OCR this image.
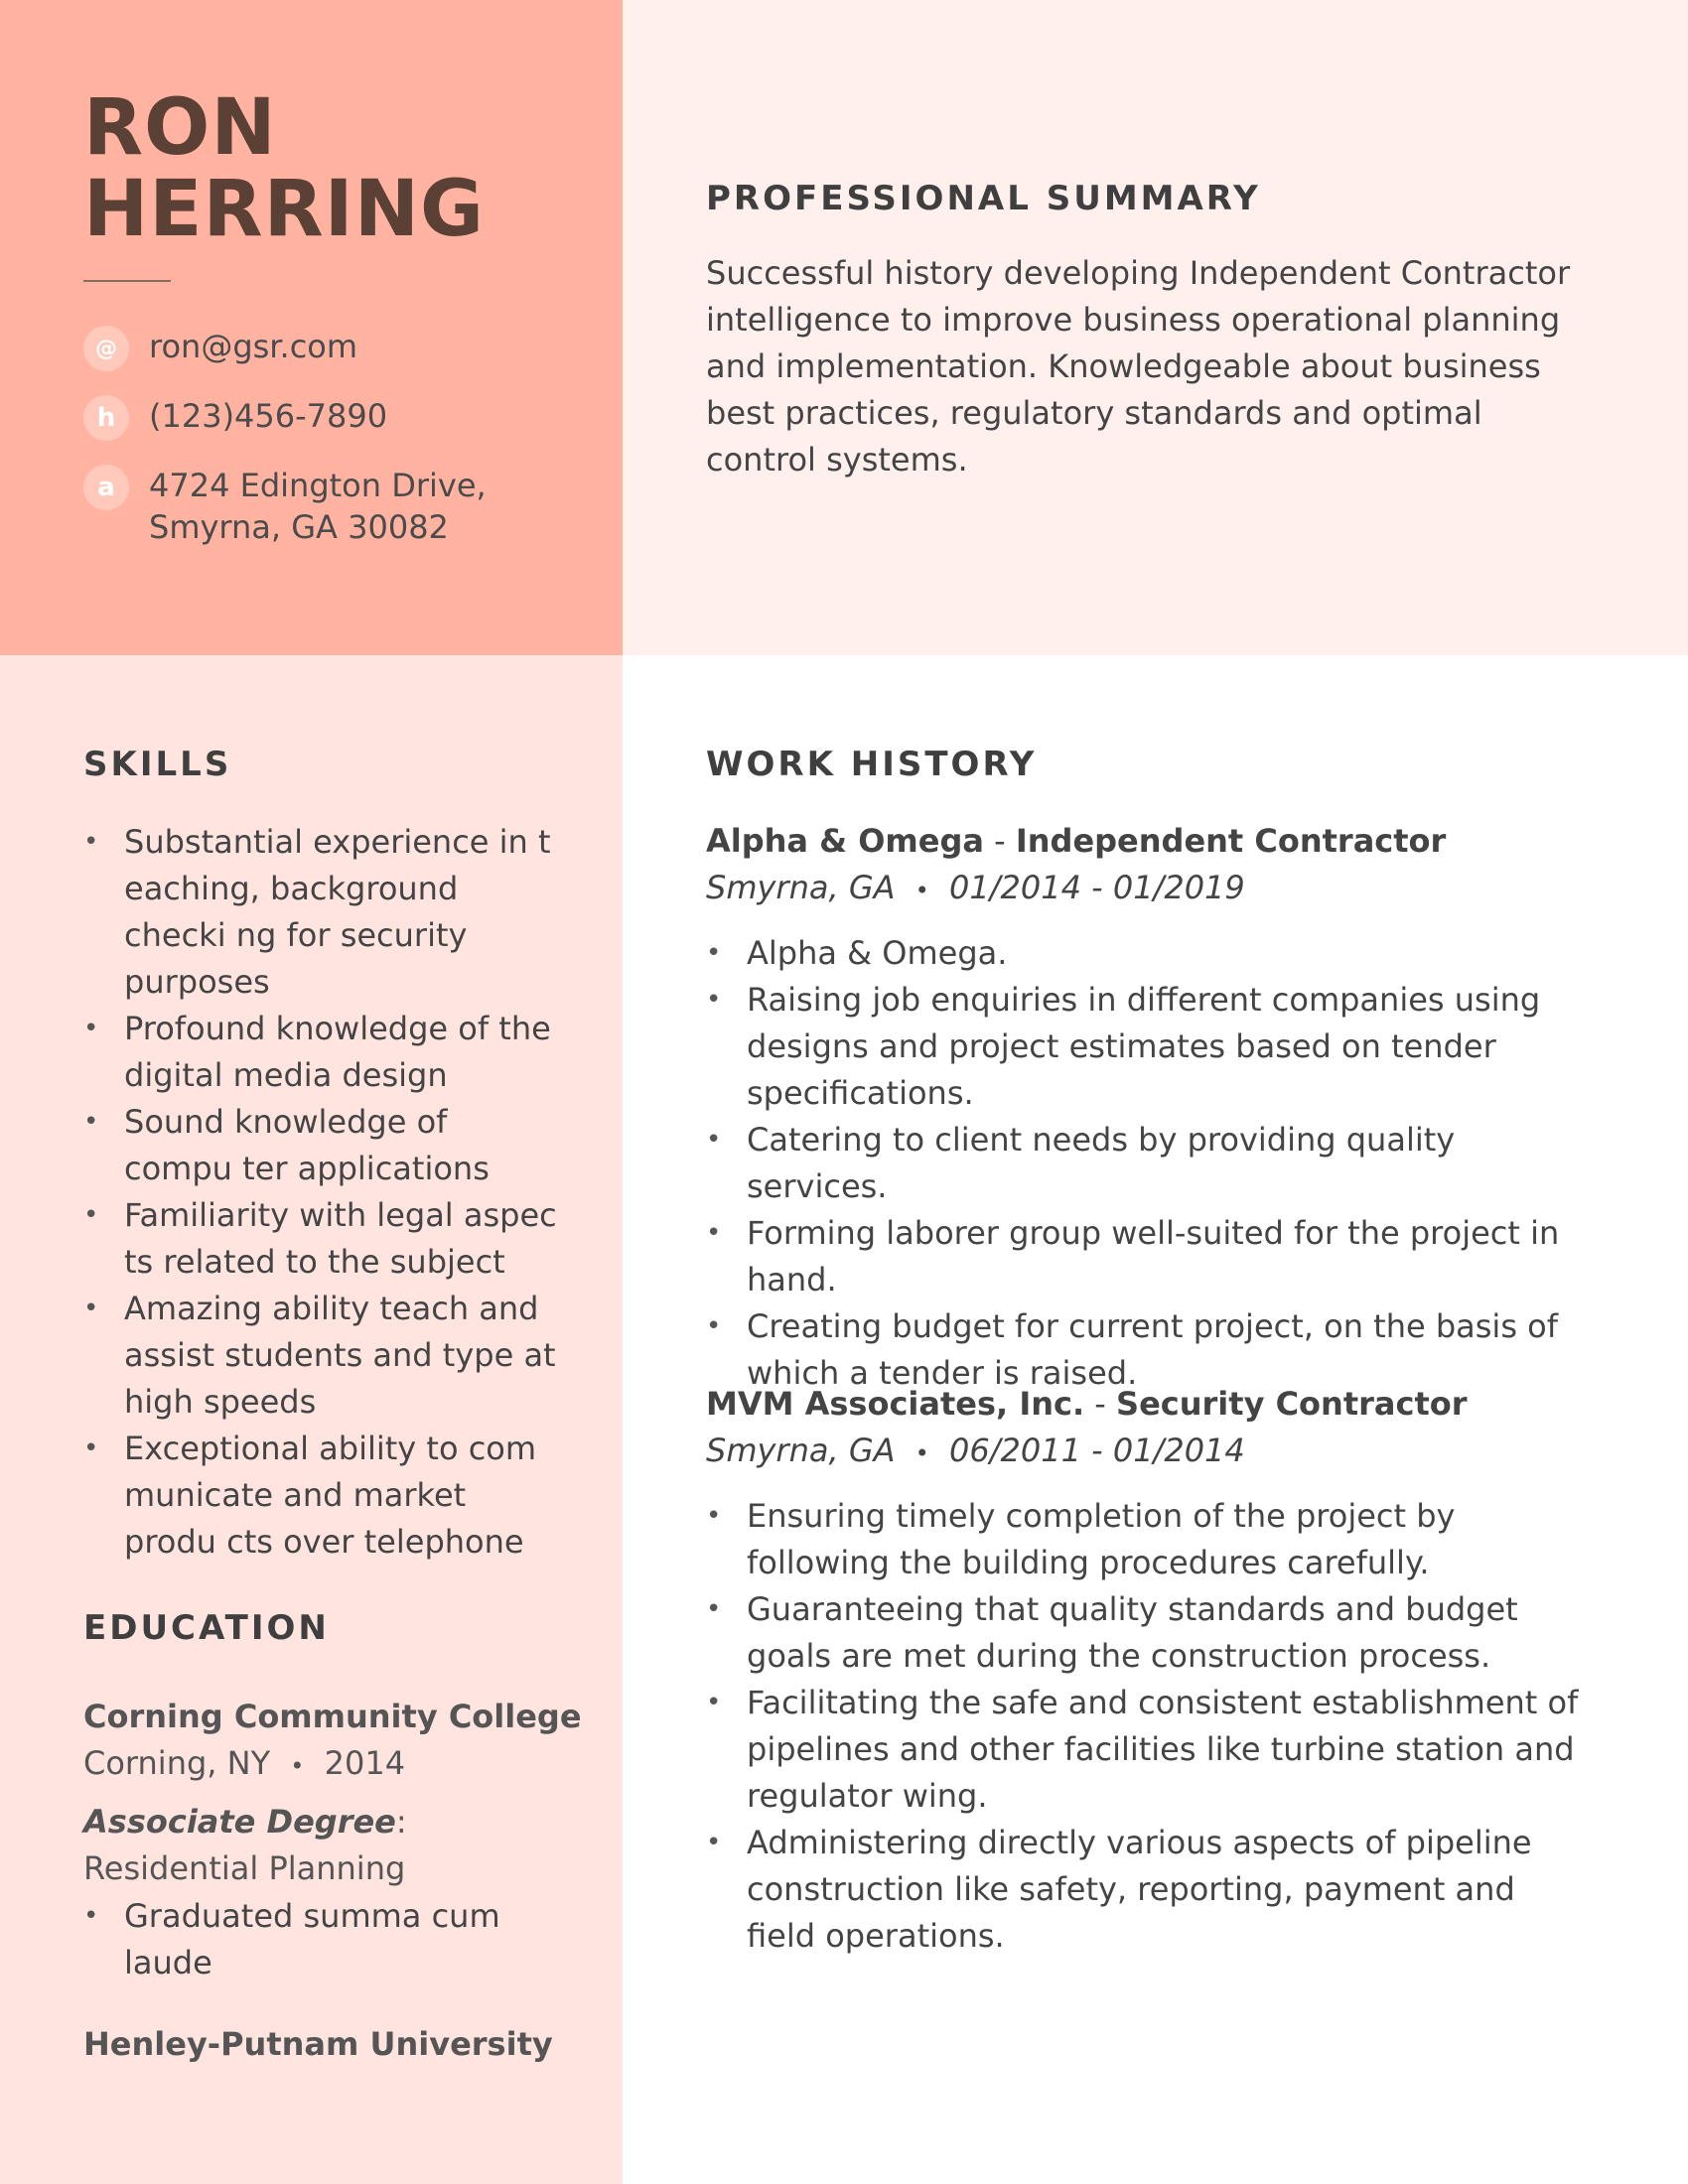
RON
HERRING
@	ron@gsr.com
h	(123)456-7890
a	4724 Edington Drive,
Smyrna, GA 30082
PROFESSIONAL SUMMARY

Successful history developing Independent Contractor intelligence to improve business operational planning and implementation. Knowledgeable about business best practices, regulatory standards and optimal control systems.

SKILLS
• Substantial experience in t eaching, background checki ng for security purposes
• Profound knowledge of the digital media design
• Sound knowledge of compu ter applications
• Familiarity with legal aspec ts related to the subject
• Amazing ability teach and assist students and type at high speeds
• Exceptional ability to com municate and market produ cts over telephone
EDUCATION

Corning Community College

Corning, NY • 2014

Associate Degree: Residential Planning

• Graduated summa cum laude

Henley-Putnam University

WORK HISTORY

Alpha & Omega - Independent Contractor

Smyrna, GA • 01/2014 - 01/2019

• Alpha & Omega.
• Raising job enquiries in different companies using designs and project estimates based on tender specifications.
• Catering to client needs by providing quality services.
• Forming laborer group well-suited for the project in hand.
• Creating budget for current project, on the basis of which a tender is raised.

MVM Associates, Inc. - Security Contractor

Smyrna, GA • 06/2011 - 01/2014

• Ensuring timely completion of the project by following the building procedures carefully.
• Guaranteeing that quality standards and budget goals are met during the construction process.
• Facilitating the safe and consistent establishment of pipelines and other facilities like turbine station and regulator wing.
• Administering directly various aspects of pipeline construction like safety, reporting, payment and field operations.
